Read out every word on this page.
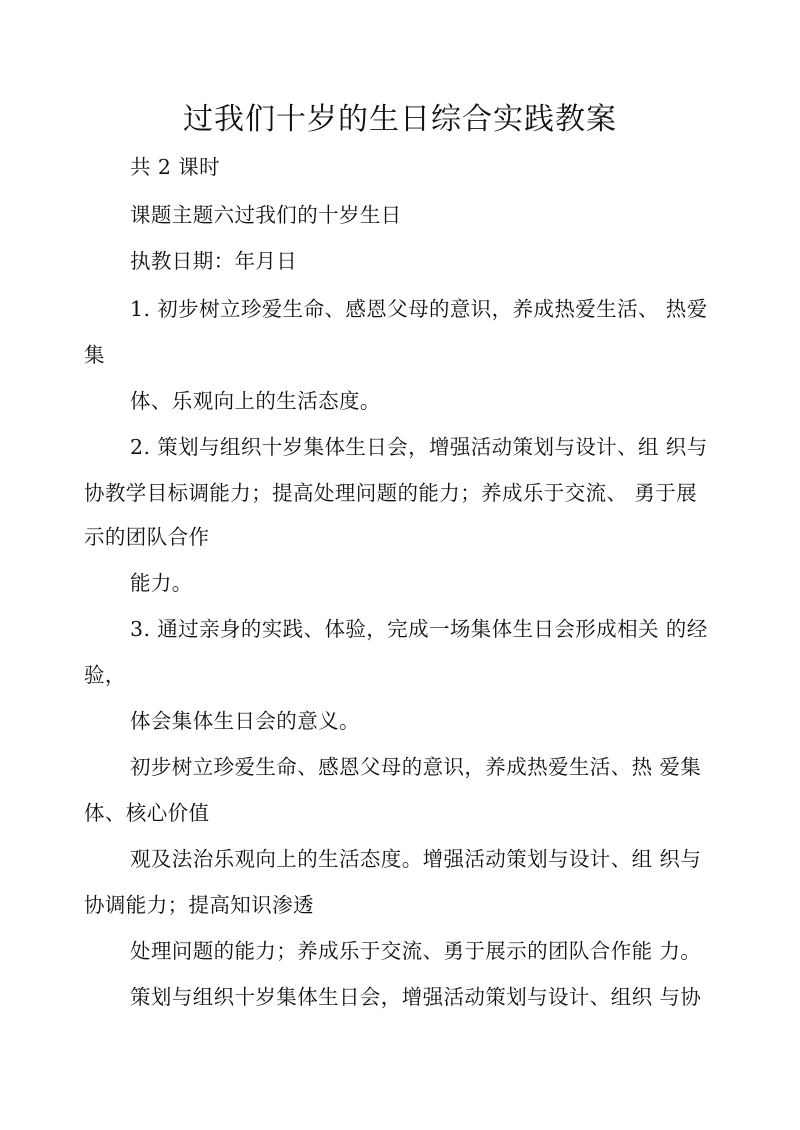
过我们十岁的生日综合实践教案
共 2 课时
课题主题六过我们的十岁生日
执教日期：年月日
1. 初步树立珍爱生命、感恩父母的意识，养成热爱生活、 热爱
集
体、乐观向上的生活态度。
2. 策划与组织十岁集体生日会，增强活动策划与设计、组 织与
协教学目标调能力；提高处理问题的能力；养成乐于交流、 勇于展
示的团队合作
能力。
3. 通过亲身的实践、体验，完成一场集体生日会形成相关 的经
验，
体会集体生日会的意义。
初步树立珍爱生命、感恩父母的意识，养成热爱生活、热 爱集
体、核心价值
观及法治乐观向上的生活态度。增强活动策划与设计、组 织与
协调能力；提高知识渗透
处理问题的能力；养成乐于交流、勇于展示的团队合作能 力。
策划与组织十岁集体生日会，增强活动策划与设计、组织 与协
